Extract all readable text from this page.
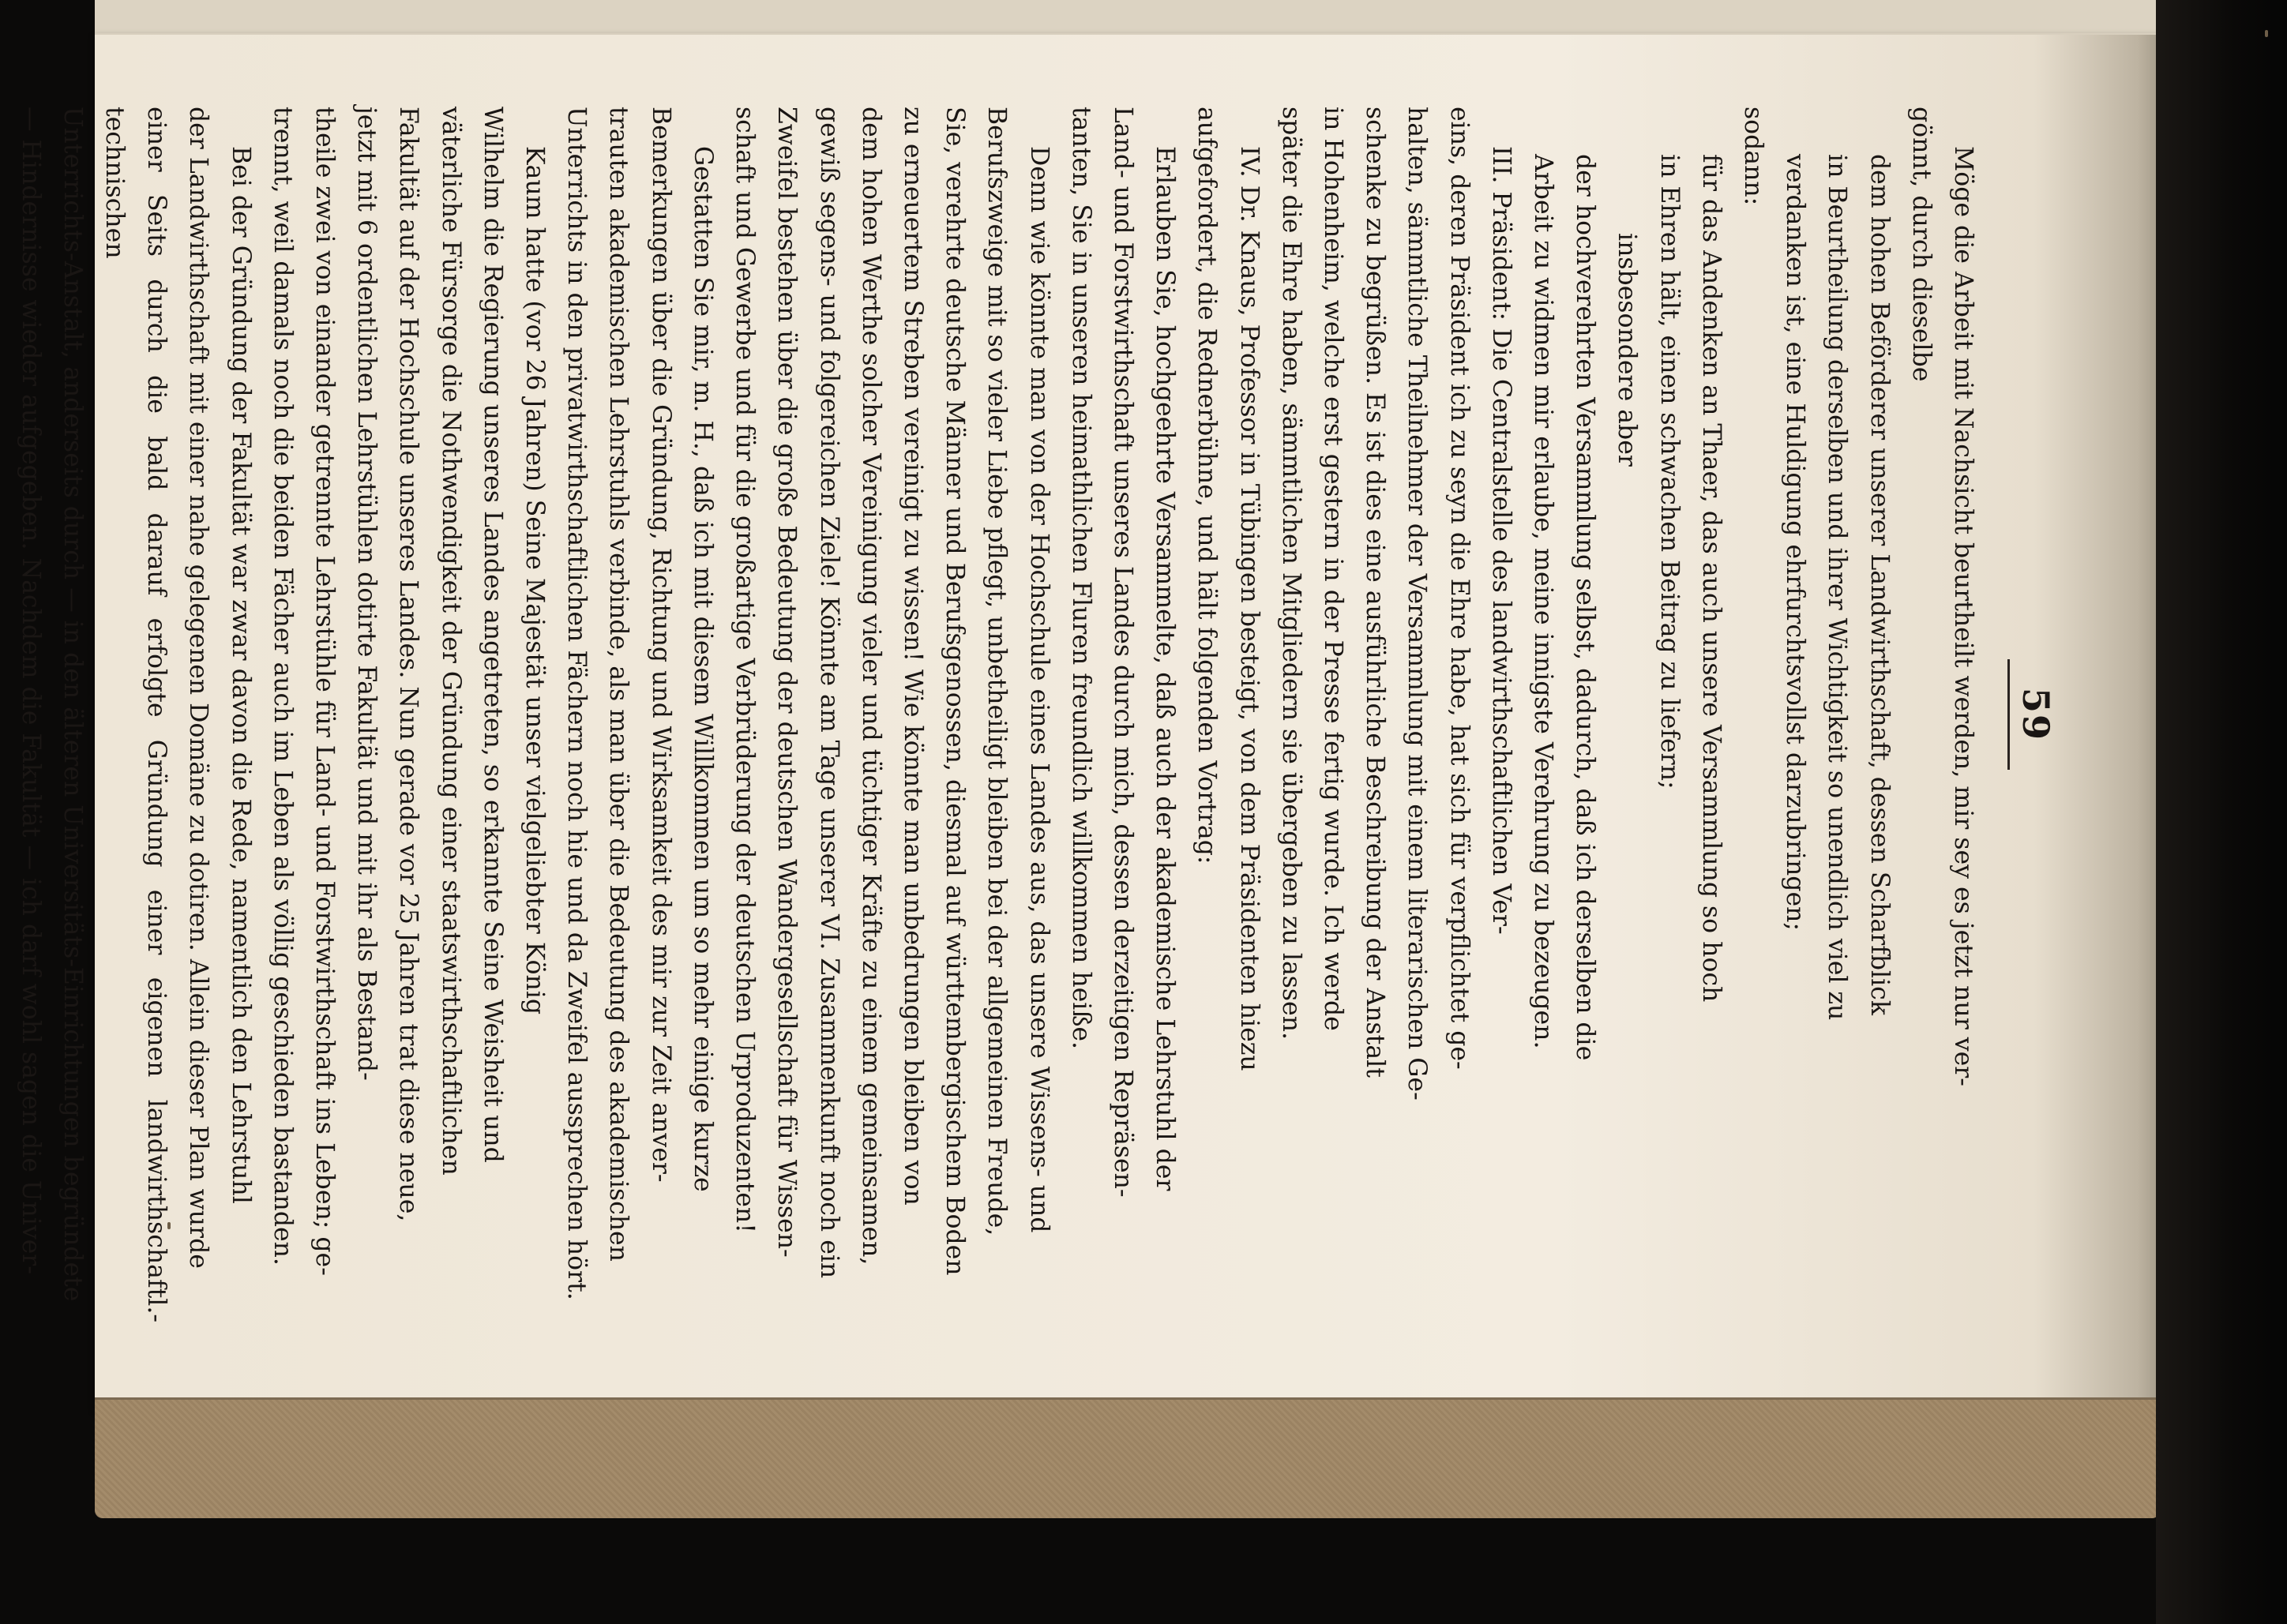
59

Möge die Arbeit mit Nachsicht beurtheilt werden, mir sey es jetzt nur ver-

gönnt, durch dieselbe

dem hohen Beförderer unserer Landwirthschaft, dessen Scharfblick

in Beurtheilung derselben und ihrer Wichtigkeit so unendlich viel zu

verdanken ist, eine Huldigung ehrfurchtsvollst darzubringen;

sodann:

für das Andenken an Thaer, das auch unsere Versammlung so hoch

in Ehren hält, einen schwachen Beitrag zu liefern;

insbesondere aber

der hochverehrten Versammlung selbst, dadurch, daß ich derselben die

Arbeit zu widmen mir erlaube, meine innigste Verehrung zu bezeugen.

III. Präsident: Die Centralstelle des landwirthschaftlichen Ver-

eins, deren Präsident ich zu seyn die Ehre habe, hat sich für verpflichtet ge-

halten, sämmtliche Theilnehmer der Versammlung mit einem literarischen Ge-

schenke zu begrüßen. Es ist dies eine ausführliche Beschreibung der Anstalt

in Hohenheim, welche erst gestern in der Presse fertig wurde. Ich werde

später die Ehre haben, sämmtlichen Mitgliedern sie übergeben zu lassen.

IV. Dr. Knaus, Professor in Tübingen besteigt, von dem Präsidenten hiezu

aufgefordert, die Rednerbühne, und hält folgenden Vortrag:

Erlauben Sie, hochgeehrte Versammelte, daß auch der akademische Lehrstuhl der

Land- und Forstwirthschaft unseres Landes durch mich, dessen derzeitigen Repräsen-

tanten, Sie in unseren heimathlichen Fluren freundlich willkommen heiße.

Denn wie könnte man von der Hochschule eines Landes aus, das unsere Wissens- und

Berufszweige mit so vieler Liebe pflegt, unbetheiligt bleiben bei der allgemeinen Freude,

Sie, verehrte deutsche Männer und Berufsgenossen, diesmal auf württembergischem Boden

zu erneuertem Streben vereinigt zu wissen! Wie könnte man unbedrungen bleiben von

dem hohen Werthe solcher Vereinigung vieler und tüchtiger Kräfte zu einem gemeinsamen,

gewiß segens- und folgereichen Ziele! Könnte am Tage unserer VI. Zusammenkunft noch ein

Zweifel bestehen über die große Bedeutung der deutschen Wandergesellschaft für Wissen-

schaft und Gewerbe und für die großartige Verbrüderung der deutschen Urproduzenten!

Gestatten Sie mir, m. H., daß ich mit diesem Willkommen um so mehr einige kurze

Bemerkungen über die Gründung, Richtung und Wirksamkeit des mir zur Zeit anver-

trauten akademischen Lehrstuhls verbinde, als man über die Bedeutung des akademischen

Unterrichts in den privatwirthschaftlichen Fächern noch hie und da Zweifel aussprechen hört.

Kaum hatte (vor 26 Jahren) Seine Majestät unser vielgeliebter König

Wilhelm die Regierung unseres Landes angetreten, so erkannte Seine Weisheit und

väterliche Fürsorge die Nothwendigkeit der Gründung einer staatswirthschaftlichen

Fakultät auf der Hochschule unseres Landes. Nun gerade vor 25 Jahren trat diese neue,

jetzt mit 6 ordentlichen Lehrstühlen dotirte Fakultät und mit ihr als Bestand-

theile zwei von einander getrennte Lehrstühle für Land- und Forstwirthschaft ins Leben; ge-

trennt, weil damals noch die beiden Fächer auch im Leben als völlig geschieden bastanden.

Bei der Gründung der Fakultät war zwar davon die Rede, namentlich den Lehrstuhl

der Landwirthschaft mit einer nahe gelegenen Domäne zu dotiren. Allein dieser Plan wurde

einer Seits durch die bald darauf erfolgte Gründung einer eigenen landwirthschaftl.-technischen

Unterrichts-Anstalt, anderseits durch — in den älteren Universitäts-Einrichtungen begründete

— Hindernisse wieder aufgegeben. Nachdem die Fakultät — ich darf wohl sagen die Univer-
